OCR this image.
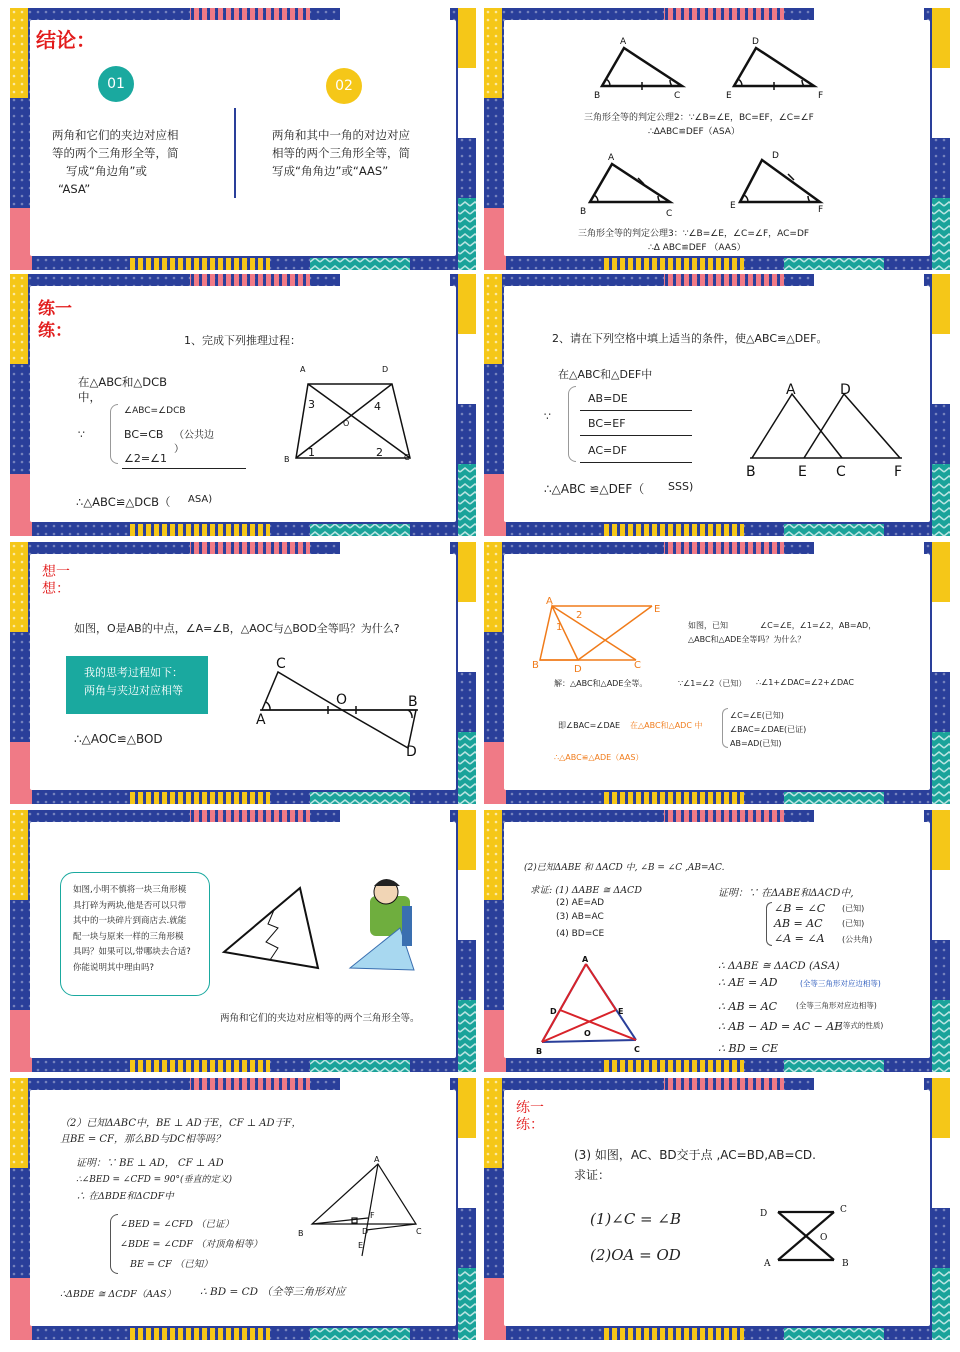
结论：
01	02
两角和它们的夹边对应相
等的两个三角形全等，简
写成“角边角”或
“ASA”
两角和其中一角的对边对应
相等的两个三角形全等，简
写成“角角边”或“AAS”
A
B	C
D
E	F
A
B	C
D
E	F
三角形全等的判定公理2：∵∠B=∠E，BC=EF，∠C=∠F
∴ΔABC≌DEF（ASA）
三角形全等的判定公理3：∵∠B=∠E，∠C=∠F，AC=DF
∴Δ ABC≌DEF （AAS）
练一
练：	1、完成下列推理过程：
在△ABC和△DCB
中，
∠ABC=∠DCB
∵	BC=CB （公共边
）
∠2=∠1
∴△ABC≌△DCB（ ASA)
A	D
O
B	C
1	2
3	4
2、请在下列空格中填上适当的条件，使△ABC≌△DEF。
在△ABC和△DEF中
∵
AB=DE
BC=EF
AC=DF
∴△ABC ≌△DEF（ SSS)
A	D
B	E C	F
想一
想：
如图，O是AB的中点，∠A=∠B，△AOC与△BOD全等吗？为什么?
我的思考过程如下：
两角与夹边对应相等
∴△AOC≌△BOD
C
O	B
A
D
A
E
B	D	C
1
2
如图，已知	∠C=∠E，∠1=∠2，AB=AD，
△ABC和△ADE全等吗？为什么？
解：△ABC和△ADE全等。	∵∠1=∠2（已知） ∴∠1+∠DAC=∠2+∠DAC
即∠BAC=∠DAE 在△ABC和△ADC 中
∠C=∠E(已知)
∠BAC=∠DAE(已证)
AB=AD(已知)
∴△ABC≌△ADE（AAS）
如图,小明不慎将一块三角形模
具打碎为两块,他是否可以只带
其中的一块碎片到商店去.就能
配一块与原来一样的三角形模
具吗？如果可以,带哪块去合适?
你能说明其中理由吗?
两角和它们的夹边对应相等的两个三角形全等。
(2)已知ΔABE 和 ΔACD 中, ∠B = ∠C ,AB=AC.
求证: (1) ΔABE ≅ ΔACD
(2) AE=AD
(3) AB=AC
(4) BD=CE
证明：∵ 在ΔABE和ΔACD中,
∠B = ∠C (已知)
AB = AC (已知)
∠A = ∠A (公共角)
∴ ΔABE ≅ ΔACD (ASA)
∴ AE = AD	(全等三角形对应边相等)
∴ AB = AC	(全等三角形对应边相等)
∴ AB − AD = AC − AE
(等式的性质)
∴ BD = CE
A
D	E
O
B	C
（2）已知ΔABC中，BE ⊥ AD于E，CF ⊥ AD于F，
且BE = CF，那么BD与DC相等吗？
证明：∵ BE ⊥ AD， CF ⊥ AD
∴∠BED = ∠CFD = 90°(垂直的定义)
∴ 在ΔBDE和ΔCDF中
∠BED = ∠CFD （已证）
∠BDE = ∠CDF （对顶角相等）
BE = CF （已知）
∴ΔBDE ≅ ΔCDF（AAS） ∴ BD = CD （全等三角形对应
A
F
B	D	C
E
练一
练：
(3) 如图，AC、BD交于点 ,AC=BD,AB=CD.
求证：
(1)∠C = ∠B
(2)OA = OD
D	C
O
A	B
